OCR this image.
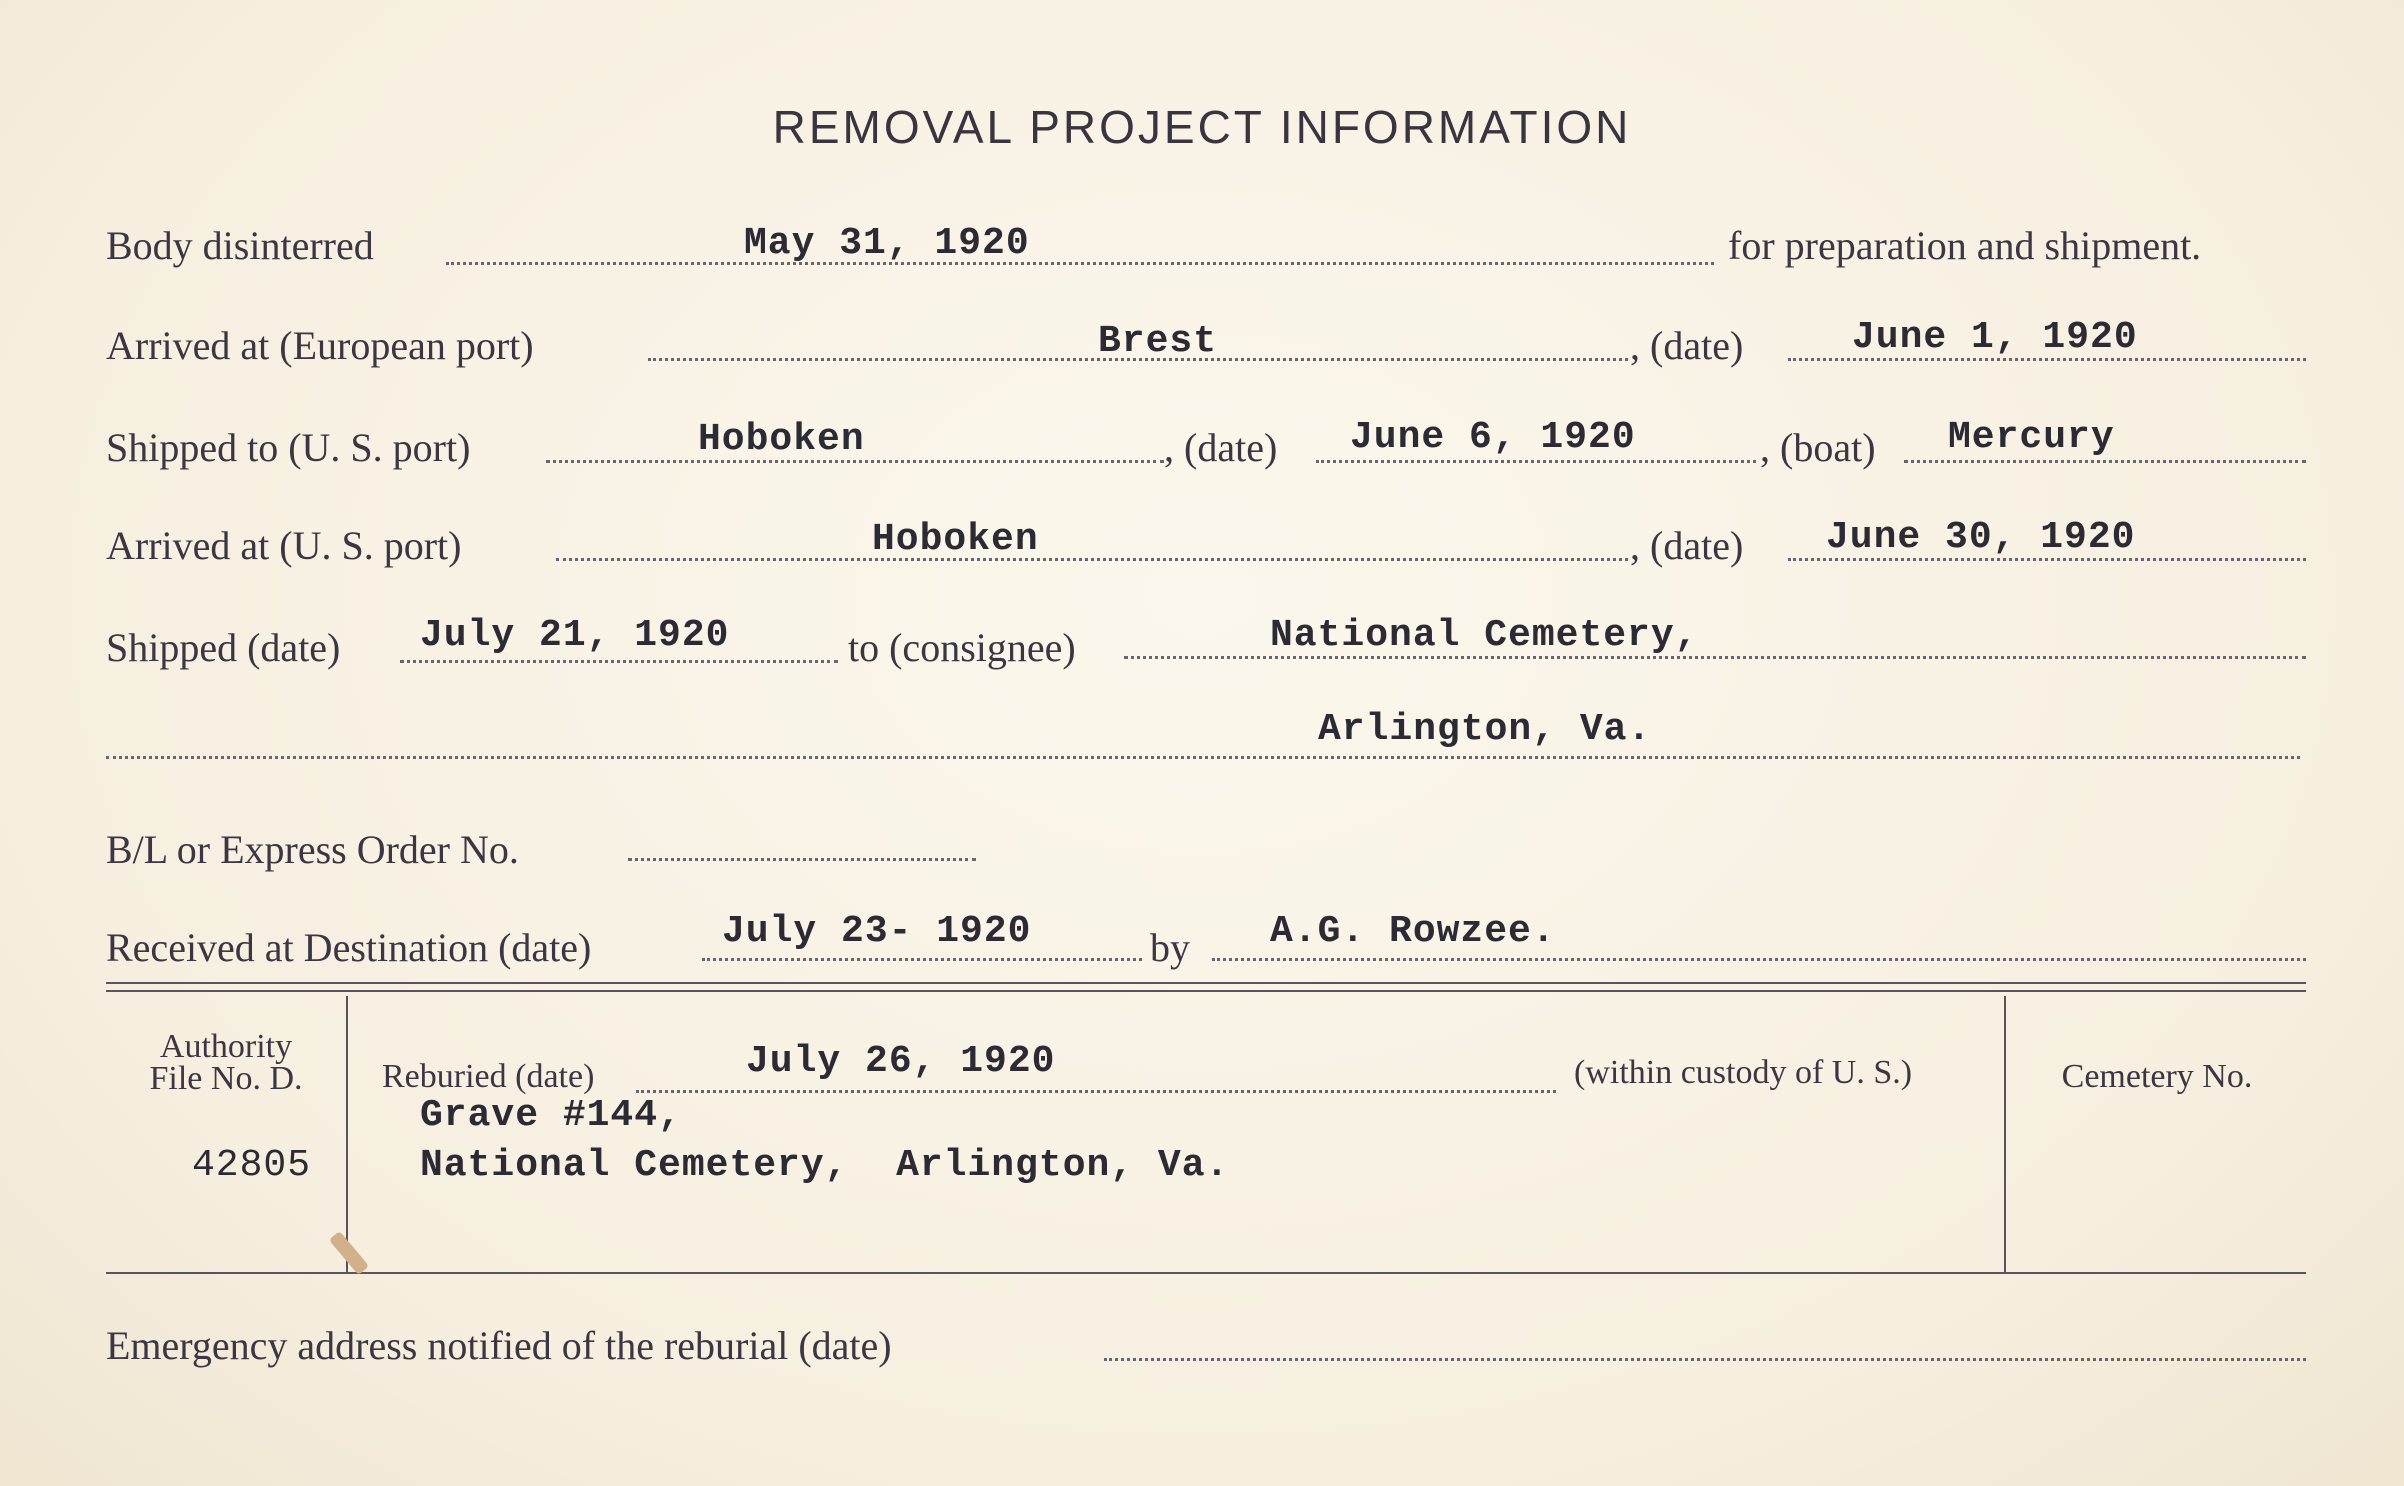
REMOVAL PROJECT INFORMATION
Body disinterred	May 31, 1920	for preparation and shipment.
Arrived at (European port)	Brest	, (date)	June 1, 1920
Shipped to (U. S. port)	Hoboken	, (date) June 6, 1920	, (boat) Mercury
Arrived at (U. S. port)	Hoboken	, (date) June 30, 1920
Shipped (date) July 21, 1920	to (consignee)	National Cemetery,
Arlington, Va.
B/L or Express Order No.
Received at Destination (date)	July 23- 1920	by A.G. Rowzee.
Authority
File No. D.
42805
Reburied (date)	July 26, 1920	(within custody of U. S.)
Grave #144,
National Cemetery,  Arlington, Va.
Cemetery No.
Emergency address notified of the reburial (date)
